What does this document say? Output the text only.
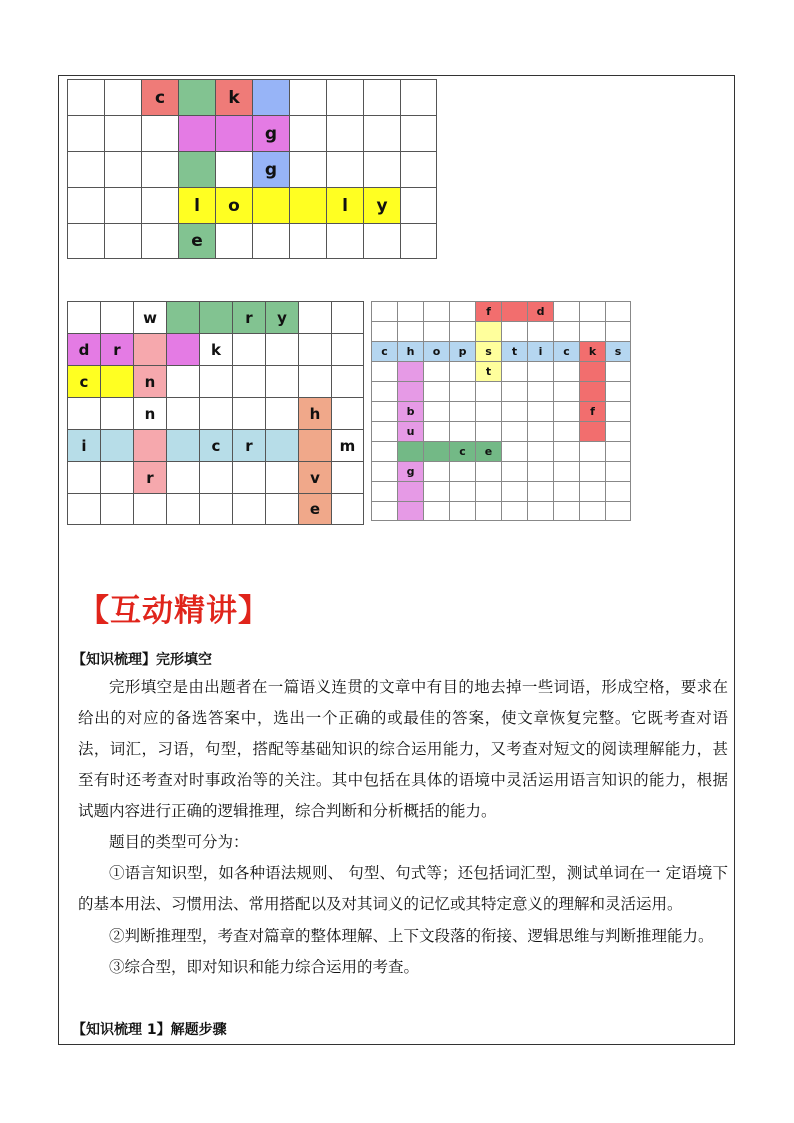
c	k
g
g
l	o	l	y
e
w	r	y
d	r	k
c	n
n	h
i	c	r	m
r	v
e
f	d
c	h	o	p	s	t	i	c	k	s
t
b	f
u
c	e
g
【互动精讲】
【知识梳理】完形填空

完形填空是由出题者在一篇语义连贯的文章中有目的地去掉一些词语，形成空格，要求在给出的对应的备选答案中，选出一个正确的或最佳的答案，使文章恢复完整。它既考查对语法，词汇，习语，句型，搭配等基础知识的综合运用能力，又考查对短文的阅读理解能力，甚至有时还考查对时事政治等的关注。其中包括在具体的语境中灵活运用语言知识的能力，根据试题内容进行正确的逻辑推理，综合判断和分析概括的能力。

题目的类型可分为：

①语言知识型，如各种语法规则、 句型、句式等；还包括词汇型，测试单词在一 定语境下的基本用法、习惯用法、常用搭配以及对其词义的记忆或其特定意义的理解和灵活运用。

②判断推理型，考查对篇章的整体理解、上下文段落的衔接、逻辑思维与判断推理能力。

③综合型，即对知识和能力综合运用的考查。

【知识梳理 1】解题步骤
